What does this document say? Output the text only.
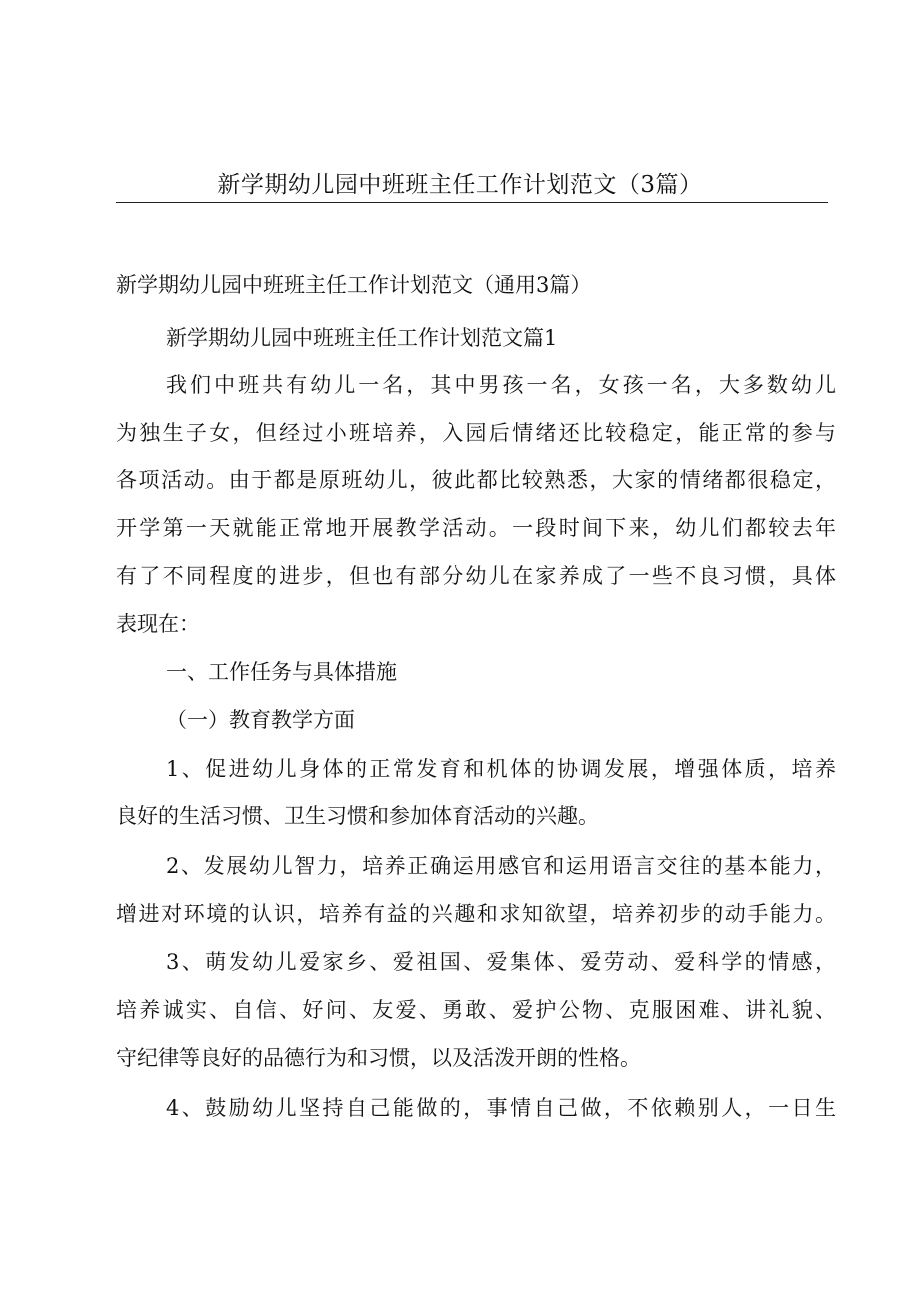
新学期幼儿园中班班主任工作计划范文（3篇）
新学期幼儿园中班班主任工作计划范文（通用3篇）
新学期幼儿园中班班主任工作计划范文篇1
我们中班共有幼儿一名，其中男孩一名，女孩一名，大多数幼儿
为独生子女，但经过小班培养，入园后情绪还比较稳定，能正常的参与
各项活动。由于都是原班幼儿，彼此都比较熟悉，大家的情绪都很稳定，
开学第一天就能正常地开展教学活动。一段时间下来，幼儿们都较去年
有了不同程度的进步，但也有部分幼儿在家养成了一些不良习惯，具体
表现在：
一、工作任务与具体措施
（一）教育教学方面
1、促进幼儿身体的正常发育和机体的协调发展，增强体质，培养
良好的生活习惯、卫生习惯和参加体育活动的兴趣。
2、发展幼儿智力，培养正确运用感官和运用语言交往的基本能力，
增进对环境的认识，培养有益的兴趣和求知欲望，培养初步的动手能力。
3、萌发幼儿爱家乡、爱祖国、爱集体、爱劳动、爱科学的情感，
培养诚实、自信、好问、友爱、勇敢、爱护公物、克服困难、讲礼貌、
守纪律等良好的品德行为和习惯，以及活泼开朗的性格。
4、鼓励幼儿坚持自己能做的，事情自己做，不依赖别人，一日生
